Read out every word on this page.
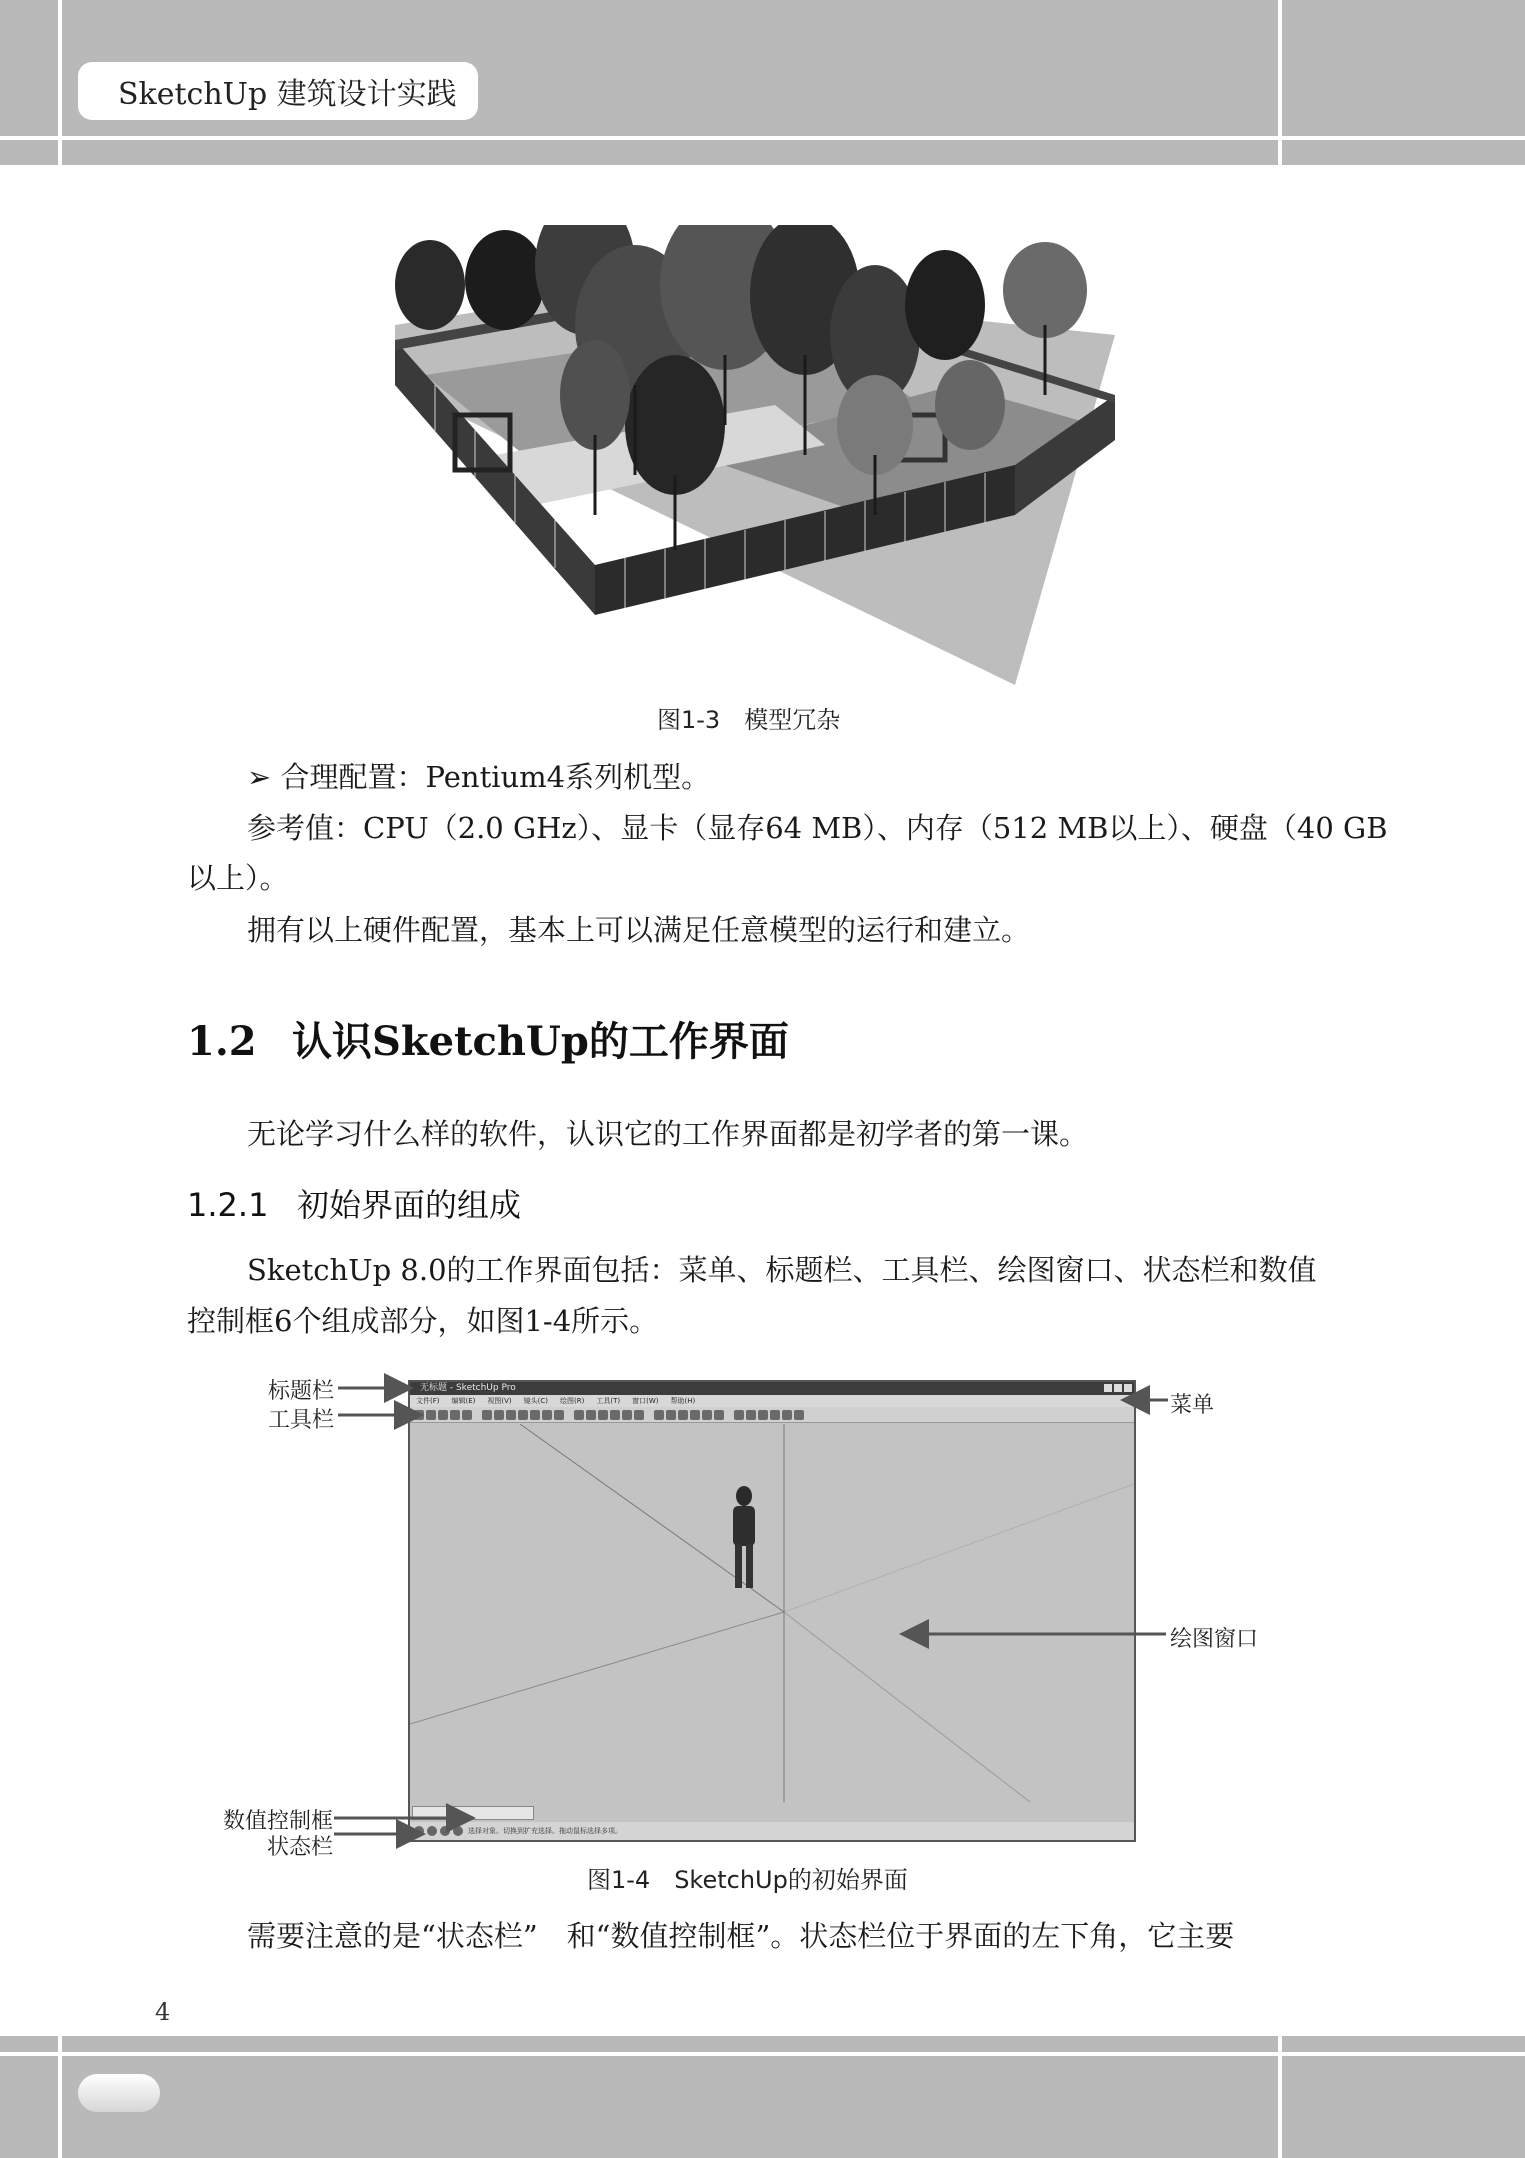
SketchUp 建筑设计实践
图1-3　模型冗杂
➢ 合理配置：Pentium4系列机型。
参考值：CPU（2.0 GHz）、显卡（显存64 MB）、内存（512 MB以上）、硬盘（40 GB
以上）。
拥有以上硬件配置，基本上可以满足任意模型的运行和建立。
1.2 认识SketchUp的工作界面
无论学习什么样的软件，认识它的工作界面都是初学者的第一课。
1.2.1 初始界面的组成
SketchUp 8.0的工作界面包括：菜单、标题栏、工具栏、绘图窗口、状态栏和数值
控制框6个组成部分，如图1-4所示。
无标题 - SketchUp Pro
文件(F) 编辑(E) 视图(V) 镜头(C) 绘图(R) 工具(T) 窗口(W) 帮助(H)
选择对象。切换到扩充选择。拖动鼠标选择多项。
标题栏
工具栏
菜单
绘图窗口
数值控制框
状态栏
图1-4　SketchUp的初始界面
需要注意的是“状态栏”　和“数值控制框”。状态栏位于界面的左下角，它主要
4
